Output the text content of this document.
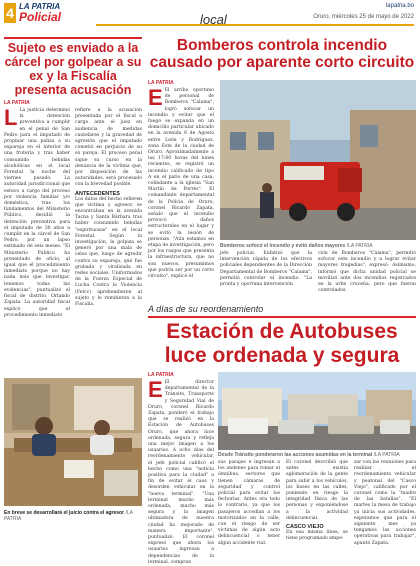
4 LA PATRIA
Policial	local
lapatria.bo
Oruro, miércoles 25 de mayo de 2022
Sujeto es enviado a la cárcel por golpear a su ex y la Fiscalía presenta acusación
LA PATRIA
L La justicia determinó la detención preventiva a cumplir en el penal de San Pedro para el imputado de propinar una paliza a su expareja en el interior de una frutería y tras haber consumido bebidas alcohólicas en el local Forestal la noche del viernes pasado. La autoridad jurisdiccional que estuvo a cargo del proceso por violencia familiar y/o doméstica, tras los fundamentos del Ministerio Público, decidió la detención preventiva para el imputado de 30 años a cumplir en la cárcel de San Pedro, por un lapso estimado de seis meses. "El Ministerio Público ha presentado de oficio, al igual que el procedimiento inmediato porque no hay nada más que investigar, tenemos todas las evidencias", puntualizó el fiscal de distrito, Orlando Zapata. La autoridad fiscal explicó que el procedimiento inmediato
refiere a la acusación presentada por el fiscal a cargo ante el juez en audiencia de medidas cautelares y la gravedad de agresión que el imputado cometió en perjuicio de su ex pareja. El proceso penal sigue su curso en la denuncia de la víctima que, por disposición de las autoridades, será procesado con la brevedad posible.
ANTECEDENTES
Los datos del hecho refieren que víctima y agresor, se encontraban en la avenida Tacna y Santa Bárbara tras haber consumido bebidas "espirituosas" en el local Forestal. Según la investigación, la golpiza se generó por una mala de celos que, luego de agredir contra su expareja, que fue grabada y viralizada en redes sociales. Uniformados de la Fuerza Especial de Lucha Contra la Violencia (Felcv) aprehendieron al sujeto y lo remitieron a la Fiscalía.
En breve se desarrollará el juicio contra el agresor /LA PATRIA
Bomberos controla incendio causado por aparente corto circuito
LA PATRIA
E El arribo oportuno de personal de Bomberos "Calama", logró sofocar un incendio y evitar que el fuego se expanda en un domicilio particular ubicado en la avenida 6 de Agosto entre León y Rodríguez, zona Este de la ciudad de Oruro. Aproximadamente a las 17:00 horas del lunes recientes, se registró un incendio calificado de tipo A en el patio de una casa, colindante a la iglesia "San Martín de Porres". El comandante departamental de la Policía de Oruro, coronel Ricardo Zapata, señaló que el incendio provocó daños estructurales en el lugar y se evitó la lesión de personas. "Aún estamos en etapa de investigación, pero por los rasgos que presenta la infraestructura, que no son nuevos, presumimos que podría ser por un corto circuito", explicó el
Bomberos sofocó el incendio y evitó daños mayores /LA PATRIA
jefe policial. Enfatizó que la intervención rápida de los efectivos policiales dependientes de la Dirección Departamental de Bomberos "Calama", permitió controlar el incendio. "La pronta y oportuna intervención
ción de Bomberos "Calama", permitió sofocar este incendio y a lograr evitar mayores tragedias", expresó. Asimismo, informó que dicha unidad policial se movilizó ante dos incendios registrados en la urbe cruceña, pero que fueron controlados.
A días de su reordenamiento
Estación de Autobuses luce ordenada y segura
LA PATRIA
E El director departamental de la Tránsito, Transporte y Seguridad Vial de Oruro, coronel Ricardo Zapata, ponderó el trabajo que se realizó en la Estación de Autobuses Oruro, que ahora luce ordenada, segura y refleja una mejor imagen a los usuarios. A ocho días del reordenamiento vehicular, el jefe policial calificó el hecho como una "noticia positiva para la ciudad" a fin de evitar el caos y desorden vehicular en la "nueva terminal". "Una terminal mucho más ordenada, mucho más segura y la imagen ultimadora de nuestra ciudad ha mejorado de manera importante", puntualizó. El coronel expresó que ahora los usuarios ingresan a dependencias de la terminal, compran
Desde Tránsito ponderaron las acciones asumidas en la terminal /LA PATRIA
sus pasajes e ingresan a los andenes para tomar el ómnibus, sectores que tienen cámaras de seguridad y control policial para evitar los fechorías. Antes era todo lo contrario, ya que los pasajeros accedían a los motorizados en la calle, con el riesgo de ser víctimas de algún acto delincuencial o tener algún accidente vial.
El coronel describió que antes existía aglomeración de la gente para subir a los vehículos, los buses en las calles, poniendo en riesgo la integridad física de las personas y exponiéndose a la actividad delincuencial.
CASCO VIEJO
En esa misma línea, se tiene programado empe-
zar con las reuniones para realizar el reordenamiento vehicular y peatonal del "Casco Viejo", calificado por el coronel como la "madre de las batallas". "El martes la mesa de trabajo ya inicia sus actividades, esperamos que para el siguiente mes ya tengamos las acciones operativas para trabajar", apuntó Zapata.
